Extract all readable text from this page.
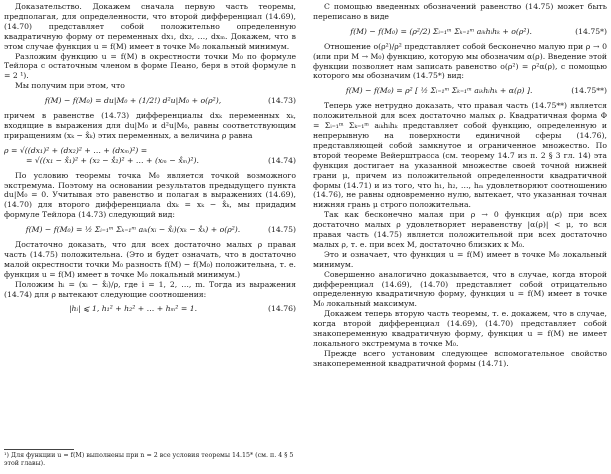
Доказательство. Докажем сначала первую часть теоремы, предполагая, для определенности, что второй дифференциал (14.69), (14.70) представляет собой положительно определенную квадратичную форму от переменных dx₁, dx₂, …, dxₘ. Докажем, что в этом случае функция u = f(M) имеет в точке M₀ локальный минимум.

Разложим функцию u = f(M) в окрестности точки M₀ по формуле Тейлора с остаточным членом в форме Пеано, беря в этой формуле n = 2 ¹).

Мы получим при этом, что

f(M) − f(M₀) = du|M₀ + (1/2!) d²u|M₀ + o(ρ²),	(14.73)

причем в равенстве (14.73) дифференциалы dxₖ переменных xₖ, входящие в выражения для du|M₀ и d²u|M₀, равны соответствующим приращениям (xₖ − x̊ₖ) этих переменных, а величина ρ равна

ρ = √((dx₁)² + (dx₂)² + … + (dxₘ)²) =
= √((x₁ − x̊₁)² + (x₂ − x̊₂)² + … + (xₘ − x̊ₘ)²).	(14.74)

По условию теоремы точка M₀ является точкой возможного экстремума. Поэтому на основании результатов предыдущего пункта du|M₀ = 0. Учитывая это равенство и полагая в выражениях (14.69), (14.70) для второго дифференциала dxₖ = xₖ − x̊ₖ, мы придадим формуле Тейлора (14.73) следующий вид:

f(M) − f(M₀) = ½ Σᵢ₌₁ᵐ Σₖ₌₁ᵐ aᵢₖ(xᵢ − x̊ᵢ)(xₖ − x̊ₖ) + o(ρ²).	(14.75)

Достаточно доказать, что для всех достаточно малых ρ правая часть (14.75) положительна. (Это и будет означать, что в достаточно малой окрестности точки M₀ разность f(M) − f(M₀) положительна, т. е. функция u = f(M) имеет в точке M₀ локальный минимум.)

Положим hᵢ = (xᵢ − x̊ᵢ)/ρ, где i = 1, 2, …, m. Тогда из выражения (14.74) для ρ вытекают следующие соотношения:

|hᵢ| ⩽ 1, h₁² + h₂² + … + hₘ² = 1.	(14.76)
¹) Для функции u = f(M) выполнены при n = 2 все условия теоремы 14.15* (см. п. 4 § 5 этой главы).

С помощью введенных обозначений равенство (14.75) может быть переписано в виде

f(M) − f(M₀) = (ρ²/2) Σᵢ₌₁ᵐ Σₖ₌₁ᵐ aᵢₖhᵢhₖ + o(ρ²).	(14.75*)

Отношение o(ρ²)/ρ² представляет собой бесконечно малую при ρ → 0 (или при M → M₀) функцию, которую мы обозначим α(ρ). Введение этой функции позволяет нам записать равенство o(ρ²) = ρ²α(ρ), с помощью которого мы обозначим (14.75*) вид:

f(M) − f(M₀) = ρ² [ ½ Σᵢ₌₁ᵐ Σₖ₌₁ᵐ aᵢₖhᵢhₖ + α(ρ) ].	(14.75**)

Теперь уже нетрудно доказать, что правая часть (14.75**) является положительной для всех достаточно малых ρ. Квадратичная форма Φ = Σᵢ₌₁ᵐ Σₖ₌₁ᵐ aᵢₖhᵢhₖ представляет собой функцию, определенную и непрерывную на поверхности единичной сферы (14.76), представляющей собой замкнутое и ограниченное множество. По второй теореме Вейерштрасса (см. теорему 14.7 из п. 2 § 3 гл. 14) эта функция достигает на указанной множестве своей точной нижней грани μ, причем из положительной определенности квадратичной формы (14.71) и из того, что h₁, h₂, …, hₘ удовлетворяют соотношению (14.76), не равны одновременно нулю, вытекает, что указанная точная нижняя грань μ строго положительна.

Так как бесконечно малая при ρ → 0 функция α(ρ) при всех достаточно малых ρ удовлетворяет неравенству |α(ρ)| < μ, то вся правая часть (14.75) является положительной при всех достаточно малых ρ, т. е. при всех M, достаточно близких к M₀.

Это и означает, что функция u = f(M) имеет в точке M₀ локальный минимум.

Совершенно аналогично доказывается, что в случае, когда второй дифференциал (14.69), (14.70) представляет собой отрицательно определенную квадратичную форму, функция u = f(M) имеет в точке M₀ локальный максимум.

Докажем теперь вторую часть теоремы, т. е. докажем, что в случае, когда второй дифференциал (14.69), (14.70) представляет собой знакопеременную квадратичную форму, функция u = f(M) не имеет локального экстремума в точке M₀.

Прежде всего установим следующее вспомогательное свойство знакопеременной квадратичной формы (14.71).
